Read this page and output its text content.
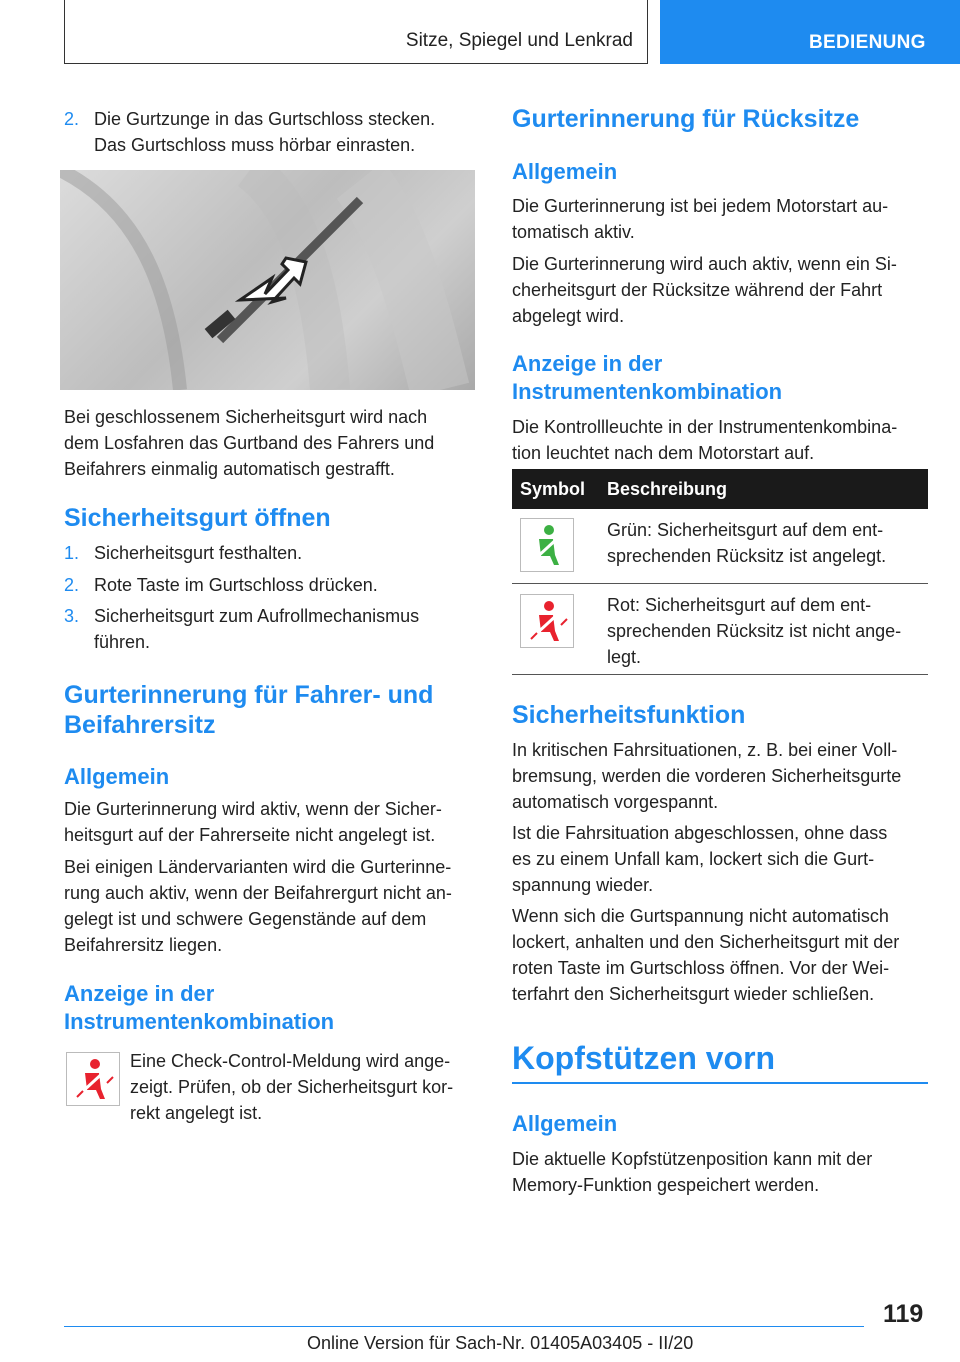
Sitze, Spiegel und Lenkrad	BEDIENUNG
2. Die Gurtzunge in das Gurtschloss stecken.

Das Gurtschloss muss hörbar einrasten.

Bei geschlossenem Sicherheitsgurt wird nach

dem Losfahren das Gurtband des Fahrers und

Beifahrers einmalig automatisch gestrafft.

Sicherheitsgurt öffnen

1. Sicherheitsgurt festhalten.

2. Rote Taste im Gurtschloss drücken.

3. Sicherheitsgurt zum Aufrollmechanismus

führen.

Gurterinnerung für Fahrer- und

Beifahrersitz

Allgemein

Die Gurterinnerung wird aktiv, wenn der Sicher-

heitsgurt auf der Fahrerseite nicht angelegt ist.

Bei einigen Ländervarianten wird die Gurterinne-

rung auch aktiv, wenn der Beifahrergurt nicht an-

gelegt ist und schwere Gegenstände auf dem

Beifahrersitz liegen.

Anzeige in der

Instrumentenkombination

Eine Check-Control-Meldung wird ange-

zeigt. Prüfen, ob der Sicherheitsgurt kor-

rekt angelegt ist.

Gurterinnerung für Rücksitze

Allgemein

Die Gurterinnerung ist bei jedem Motorstart au-

tomatisch aktiv.

Die Gurterinnerung wird auch aktiv, wenn ein Si-

cherheitsgurt der Rücksitze während der Fahrt

abgelegt wird.

Anzeige in der

Instrumentenkombination

Die Kontrollleuchte in der Instrumentenkombina-

tion leuchtet nach dem Motorstart auf.

Symbol Beschreibung

Grün: Sicherheitsgurt auf dem ent-

sprechenden Rücksitz ist angelegt.

Rot: Sicherheitsgurt auf dem ent-

sprechenden Rücksitz ist nicht ange-

legt.

Sicherheitsfunktion

In kritischen Fahrsituationen, z. B. bei einer Voll-

bremsung, werden die vorderen Sicherheitsgurte

automatisch vorgespannt.

Ist die Fahrsituation abgeschlossen, ohne dass

es zu einem Unfall kam, lockert sich die Gurt-

spannung wieder.

Wenn sich die Gurtspannung nicht automatisch

lockert, anhalten und den Sicherheitsgurt mit der

roten Taste im Gurtschloss öffnen. Vor der Wei-

terfahrt den Sicherheitsgurt wieder schließen.

Kopfstützen vorn

Allgemein

Die aktuelle Kopfstützenposition kann mit der

Memory-Funktion gespeichert werden.

119
Online Version für Sach-Nr. 01405A03405 - II/20
